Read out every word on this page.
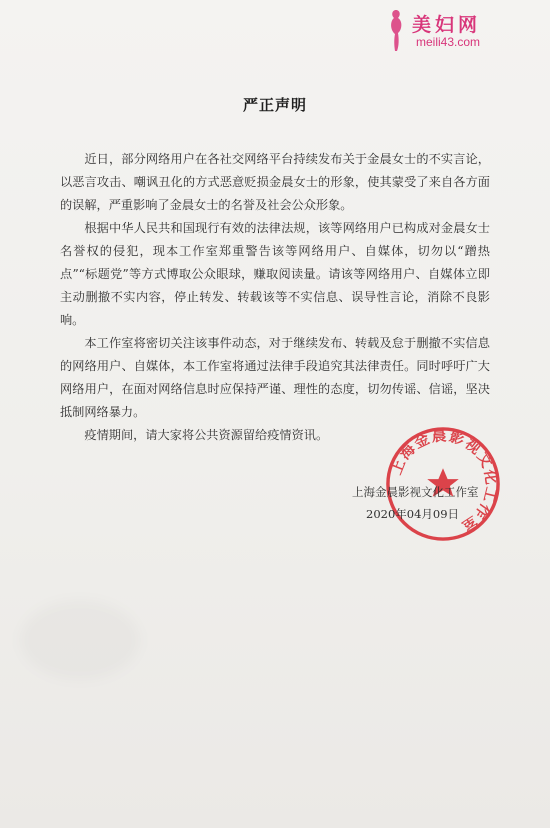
美妇网
meili43.com
严正声明

近日，部分网络用户在各社交网络平台持续发布关于金晨女士的不实言论，以恶言攻击、嘲讽丑化的方式恶意贬损金晨女士的形象，使其蒙受了来自各方面的误解，严重影响了金晨女士的名誉及社会公众形象。

根据中华人民共和国现行有效的法律法规，该等网络用户已构成对金晨女士名誉权的侵犯，现本工作室郑重警告该等网络用户、自媒体，切勿以“蹭热点”“标题党”等方式博取公众眼球，赚取阅读量。请该等网络用户、自媒体立即主动删撤不实内容，停止转发、转载该等不实信息、误导性言论，消除不良影响。

本工作室将密切关注该事件动态，对于继续发布、转载及怠于删撤不实信息的网络用户、自媒体，本工作室将通过法律手段追究其法律责任。同时呼吁广大网络用户，在面对网络信息时应保持严谨、理性的态度，切勿传谣、信谣，坚决抵制网络暴力。

疫情期间，请大家将公共资源留给疫情资讯。

上海金晨影视文化工作室
上海金晨影视文化工作室
2020年04月09日
